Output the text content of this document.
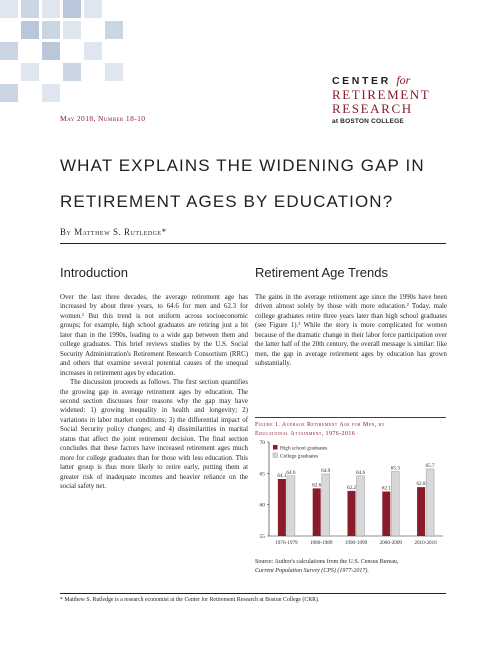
CENTER for
RETIREMENT
RESEARCH
at BOSTON COLLEGE
May 2018, Number 18-10
WHAT EXPLAINS THE WIDENING GAP IN
RETIREMENT AGES BY EDUCATION?
By Matthew S. Rutledge*
Introduction

Over the last three decades, the average retirement age has increased by about three years, to 64.6 for men and 62.3 for women.¹ But this trend is not uniform across socioeconomic groups; for example, high school graduates are retiring just a bit later than in the 1990s, leading to a wide gap between them and college graduates. This brief reviews studies by the U.S. Social Security Administration's Retirement Research Consortium (RRC) and others that examine several potential causes of the unequal increases in retirement ages by education.

The discussion proceeds as follows. The first section quantifies the growing gap in average retirement ages by education. The second section discusses four reasons why the gap may have widened: 1) growing inequality in health and longevity; 2) variations in labor market conditions; 3) the differential impact of Social Security policy changes; and 4) dissimilarities in marital status that affect the joint retirement decision. The final section concludes that these factors have increased retirement ages much more for college graduates than for those with less education. This latter group is thus more likely to retire early, putting them at greater risk of inadequate incomes and heavier reliance on the social safety net.

Retirement Age Trends

The gains in the average retirement age since the 1990s have been driven almost solely by those with more education.² Today, male college graduates retire three years later than high school graduates (see Figure 1).³ While the story is more complicated for women because of the dramatic change in their labor force participation over the latter half of the 20th century, the overall message is similar: like men, the gap in average retirement ages by education has grown substantially.

Figure 1. Average Retirement Age for Men, by
Educational Attainment, 1976-2016
55
60
65
70
64.1
64.6
1976-1979
62.6
64.9
1980-1989
62.2
64.6
1990-1999
62.1
65.3
2000-2009
62.8
65.7
2010-2016
High school graduates
College graduates
Source: Author's calculations from the U.S. Census Bureau,
Current Population Survey (CPS) (1977-2017).
* Matthew S. Rutledge is a research economist at the Center for Retirement Research at Boston College (CRR).
